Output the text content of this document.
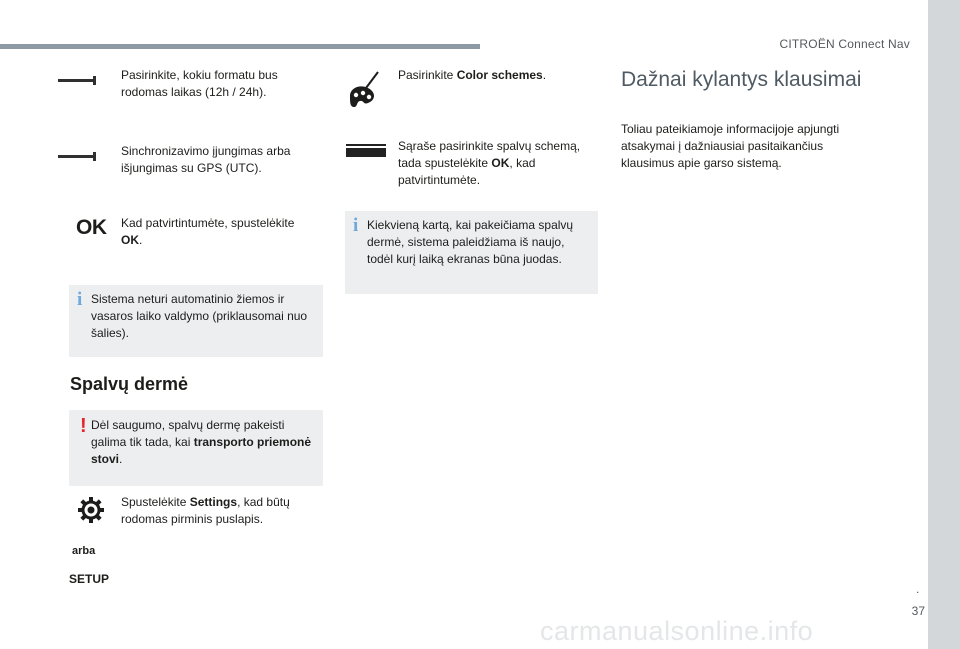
CITROËN Connect Nav
.
37
Pasirinkite, kokiu formatu bus rodomas laikas (12h / 24h).
Sinchronizavimo įjungimas arba išjungimas su GPS (UTC).
OK Kad patvirtintumėte, spustelėkite OK.
i Sistema neturi automatinio žiemos ir vasaros laiko valdymo (priklausomai nuo šalies).
Spalvų dermė
! Dėl saugumo, spalvų dermę pakeisti galima tik tada, kai transporto priemonė stovi.
Spustelėkite Settings, kad būtų rodomas pirminis puslapis.
arba
SETUP
Pasirinkite Color schemes.
Sąraše pasirinkite spalvų schemą, tada spustelėkite OK, kad patvirtintumėte.
i Kiekvieną kartą, kai pakeičiama spalvų dermė, sistema paleidžiama iš naujo, todėl kurį laiką ekranas būna juodas.
Dažnai kylantys klausimai
Toliau pateikiamoje informacijoje apjungti atsakymai į dažniausiai pasitaikančius klausimus apie garso sistemą.
carmanualsonline.info
